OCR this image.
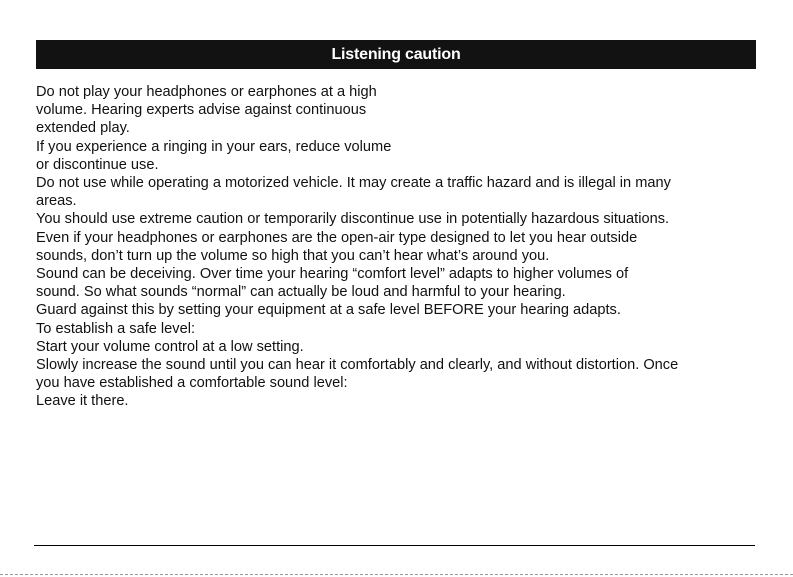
Listening caution
Do not play your headphones or earphones at a high
volume. Hearing experts advise against continuous
extended play.
If you experience a ringing in your ears, reduce volume
or discontinue use.
Do not use while operating a motorized vehicle. It may create a traffic hazard and is illegal in many
areas.
You should use extreme caution or temporarily discontinue use in potentially hazardous situations.
Even if your headphones or earphones are the open-air type designed to let you hear outside
sounds, don’t turn up the volume so high that you can’t hear what’s around you.
Sound can be deceiving. Over time your hearing “comfort level” adapts to higher volumes of
sound. So what sounds “normal” can actually be loud and harmful to your hearing.
Guard against this by setting your equipment at a safe level BEFORE your hearing adapts.
To establish a safe level:
Start your volume control at a low setting.
Slowly increase the sound until you can hear it comfortably and clearly, and without distortion. Once
you have established a comfortable sound level:
Leave it there.
